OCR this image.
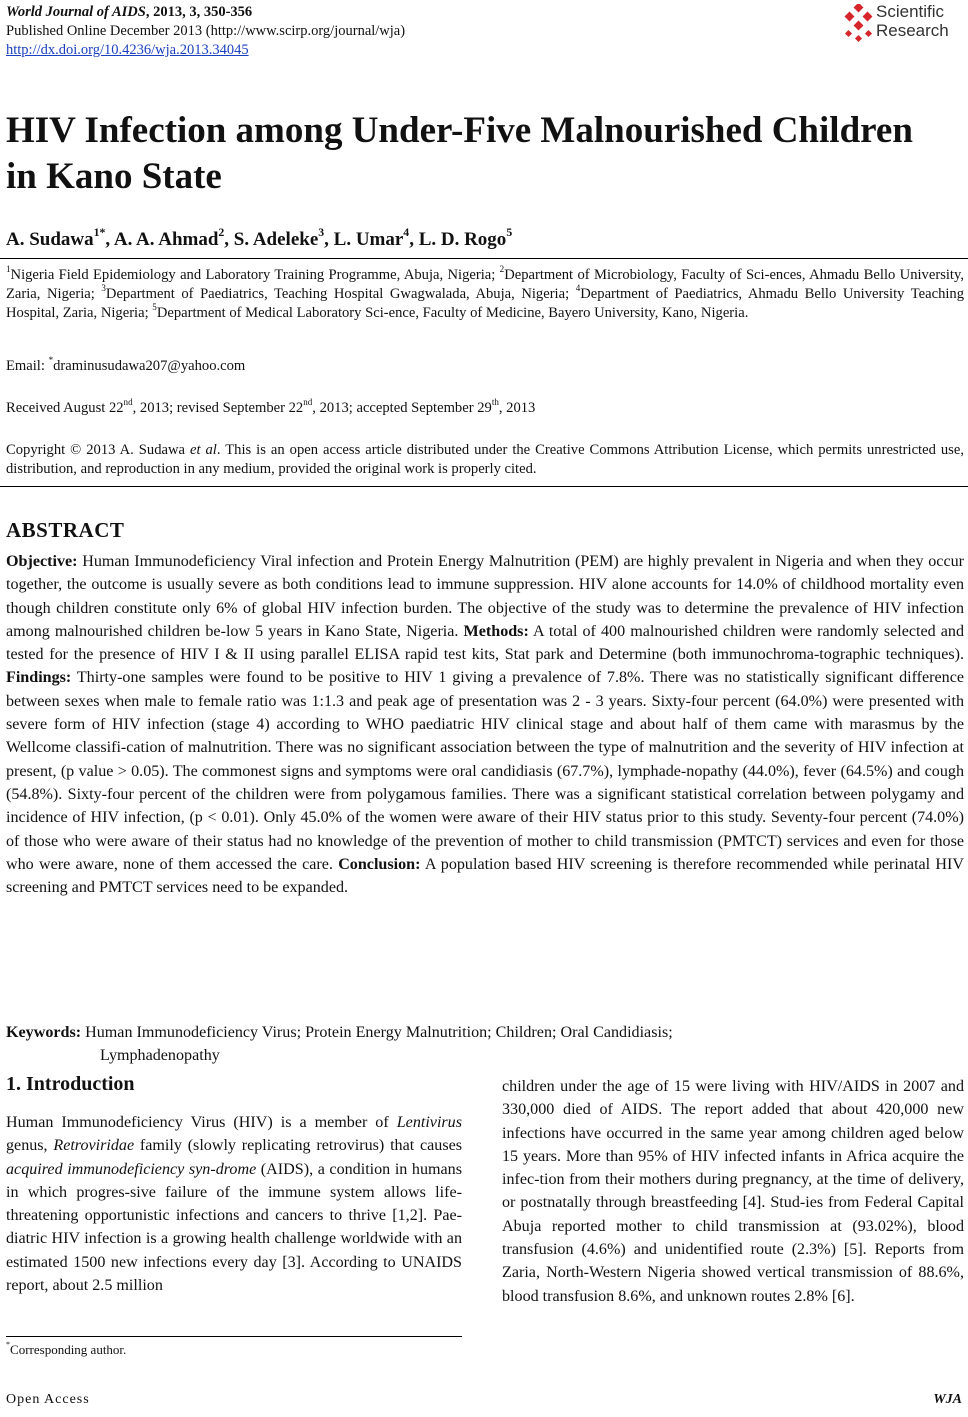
World Journal of AIDS, 2013, 3, 350-356
Published Online December 2013 (http://www.scirp.org/journal/wja)
http://dx.doi.org/10.4236/wja.2013.34045
Scientific
Research
HIV Infection among Under-Five Malnourished Children in Kano State
A. Sudawa$^{1*}$, A. A. Ahmad$^2$, S. Adeleke$^3$, L. Umar$^4$, L. D. Rogo$^5$
$^1$Nigeria Field Epidemiology and Laboratory Training Programme, Abuja, Nigeria; $^2$Department of Microbiology, Faculty of Sci-ences, Ahmadu Bello University, Zaria, Nigeria; $^3$Department of Paediatrics, Teaching Hospital Gwagwalada, Abuja, Nigeria; $^4$Department of Paediatrics, Ahmadu Bello University Teaching Hospital, Zaria, Nigeria; $^5$Department of Medical Laboratory Sci-ence, Faculty of Medicine, Bayero University, Kano, Nigeria.
Email: *draminusudawa207@yahoo.com
Received August 22nd, 2013; revised September 22nd, 2013; accepted September 29th, 2013
Copyright © 2013 A. Sudawa et al. This is an open access article distributed under the Creative Commons Attribution License, which permits unrestricted use, distribution, and reproduction in any medium, provided the original work is properly cited.
ABSTRACT
Objective: Human Immunodeficiency Viral infection and Protein Energy Malnutrition (PEM) are highly prevalent in Nigeria and when they occur together, the outcome is usually severe as both conditions lead to immune suppression. HIV alone accounts for 14.0% of childhood mortality even though children constitute only 6% of global HIV infection burden. The objective of the study was to determine the prevalence of HIV infection among malnourished children be-low 5 years in Kano State, Nigeria. Methods: A total of 400 malnourished children were randomly selected and tested for the presence of HIV I & II using parallel ELISA rapid test kits, Stat park and Determine (both immunochroma-tographic techniques). Findings: Thirty-one samples were found to be positive to HIV 1 giving a prevalence of 7.8%. There was no statistically significant difference between sexes when male to female ratio was 1:1.3 and peak age of presentation was 2 - 3 years. Sixty-four percent (64.0%) were presented with severe form of HIV infection (stage 4) according to WHO paediatric HIV clinical stage and about half of them came with marasmus by the Wellcome classifi-cation of malnutrition. There was no significant association between the type of malnutrition and the severity of HIV infection at present, (p value > 0.05). The commonest signs and symptoms were oral candidiasis (67.7%), lymphade-nopathy (44.0%), fever (64.5%) and cough (54.8%). Sixty-four percent of the children were from polygamous families. There was a significant statistical correlation between polygamy and incidence of HIV infection, (p < 0.01). Only 45.0% of the women were aware of their HIV status prior to this study. Seventy-four percent (74.0%) of those who were aware of their status had no knowledge of the prevention of mother to child transmission (PMTCT) services and even for those who were aware, none of them accessed the care. Conclusion: A population based HIV screening is therefore recommended while perinatal HIV screening and PMTCT services need to be expanded.
Keywords: Human Immunodeficiency Virus; Protein Energy Malnutrition; Children; Oral Candidiasis;
Lymphadenopathy
1. Introduction
Human Immunodeficiency Virus (HIV) is a member of Lentivirus genus, Retroviridae family (slowly replicating retrovirus) that causes acquired immunodeficiency syn-drome (AIDS), a condition in humans in which progres-sive failure of the immune system allows life-threatening opportunistic infections and cancers to thrive [1,2]. Pae-diatric HIV infection is a growing health challenge worldwide with an estimated 1500 new infections every day [3]. According to UNAIDS report, about 2.5 million
children under the age of 15 were living with HIV/AIDS in 2007 and 330,000 died of AIDS. The report added that about 420,000 new infections have occurred in the same year among children aged below 15 years. More than 95% of HIV infected infants in Africa acquire the infec-tion from their mothers during pregnancy, at the time of delivery, or postnatally through breastfeeding [4]. Stud-ies from Federal Capital Abuja reported mother to child transmission at (93.02%), blood transfusion (4.6%) and unidentified route (2.3%) [5]. Reports from Zaria, North-Western Nigeria showed vertical transmission of 88.6%, blood transfusion 8.6%, and unknown routes 2.8% [6].
*Corresponding author.
Open Access	WJA
